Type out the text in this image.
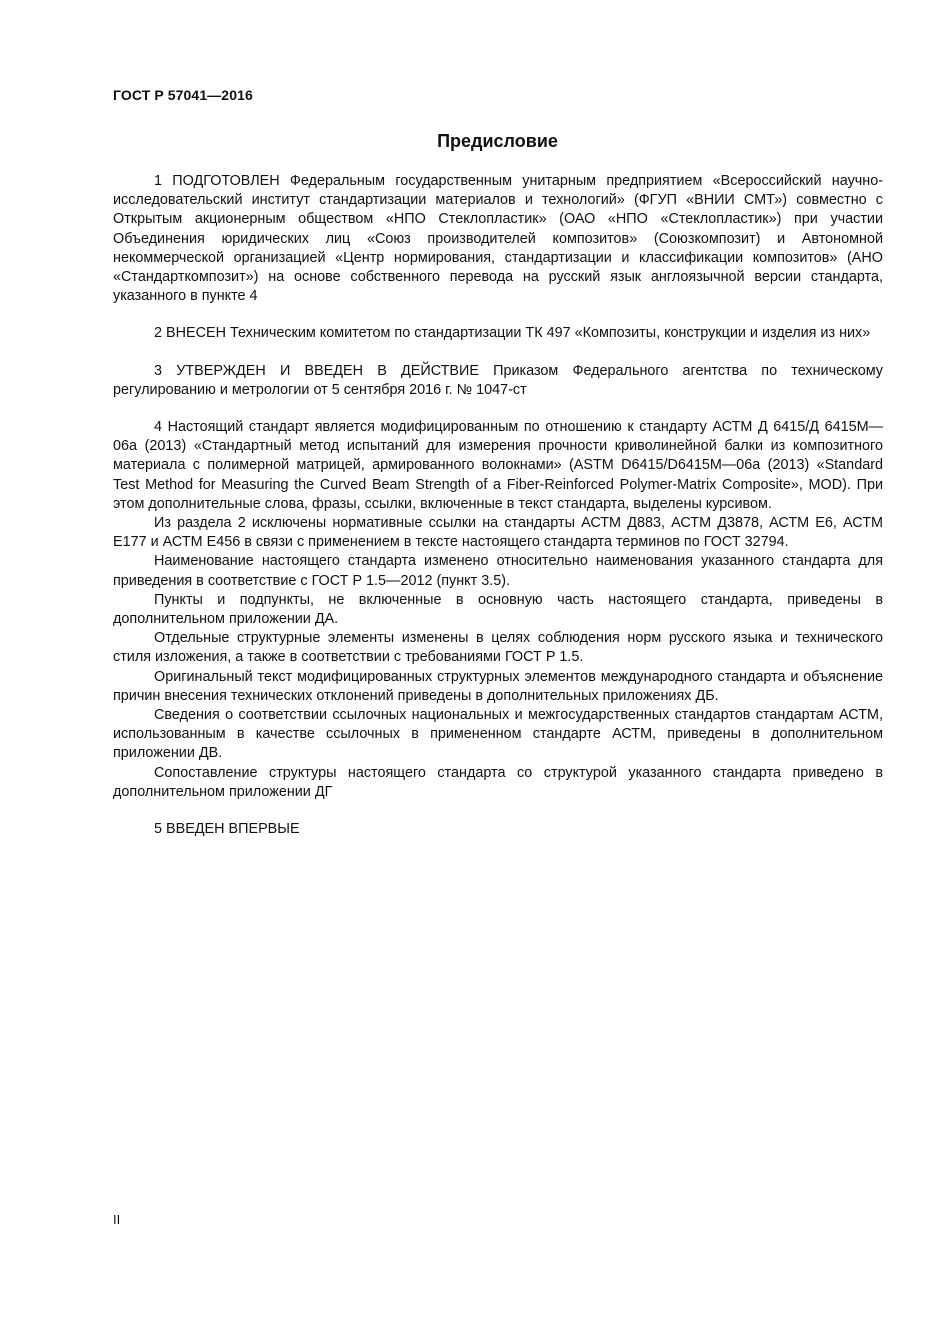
ГОСТ Р 57041—2016
Предисловие

1 ПОДГОТОВЛЕН Федеральным государственным унитарным предприятием «Всероссийский научно-исследовательский институт стандартизации материалов и технологий» (ФГУП «ВНИИ СМТ») совместно с Открытым акционерным обществом «НПО Стеклопластик» (ОАО «НПО «Стеклопластик») при участии Объединения юридических лиц «Союз производителей композитов» (Союзкомпозит) и Автономной некоммерческой организацией «Центр нормирования, стандартизации и классификации композитов» (АНО «Стандарткомпозит») на основе собственного перевода на русский язык англоязычной версии стандарта, указанного в пункте 4

2 ВНЕСЕН Техническим комитетом по стандартизации ТК 497 «Композиты, конструкции и изделия из них»

3 УТВЕРЖДЕН И ВВЕДЕН В ДЕЙСТВИЕ Приказом Федерального агентства по техническому регулированию и метрологии от 5 сентября 2016 г. № 1047-ст

4 Настоящий стандарт является модифицированным по отношению к стандарту АСТМ Д 6415/Д 6415М—06а (2013) «Стандартный метод испытаний для измерения прочности криволинейной балки из композитного материала с полимерной матрицей, армированного волокнами» (ASTM D6415/D6415M—06a (2013) «Standard Test Method for Measuring the Curved Beam Strength of a Fiber-Reinforced Polymer-Matrix Composite», MOD). При этом дополнительные слова, фразы, ссылки, включенные в текст стандарта, выделены курсивом.

Из раздела 2 исключены нормативные ссылки на стандарты АСТМ Д883, АСТМ Д3878, АСТМ Е6, АСТМ Е177 и АСТМ Е456 в связи с применением в тексте настоящего стандарта терминов по ГОСТ 32794.

Наименование настоящего стандарта изменено относительно наименования указанного стандарта для приведения в соответствие с ГОСТ Р 1.5—2012 (пункт 3.5).

Пункты и подпункты, не включенные в основную часть настоящего стандарта, приведены в дополнительном приложении ДА.

Отдельные структурные элементы изменены в целях соблюдения норм русского языка и технического стиля изложения, а также в соответствии с требованиями ГОСТ Р 1.5.

Оригинальный текст модифицированных структурных элементов международного стандарта и объяснение причин внесения технических отклонений приведены в дополнительных приложениях ДБ.

Сведения о соответствии ссылочных национальных и межгосударственных стандартов стандартам АСТМ, использованным в качестве ссылочных в примененном стандарте АСТМ, приведены в дополнительном приложении ДВ.

Сопоставление структуры настоящего стандарта со структурой указанного стандарта приведено в дополнительном приложении ДГ

5 ВВЕДЕН ВПЕРВЫЕ

II
